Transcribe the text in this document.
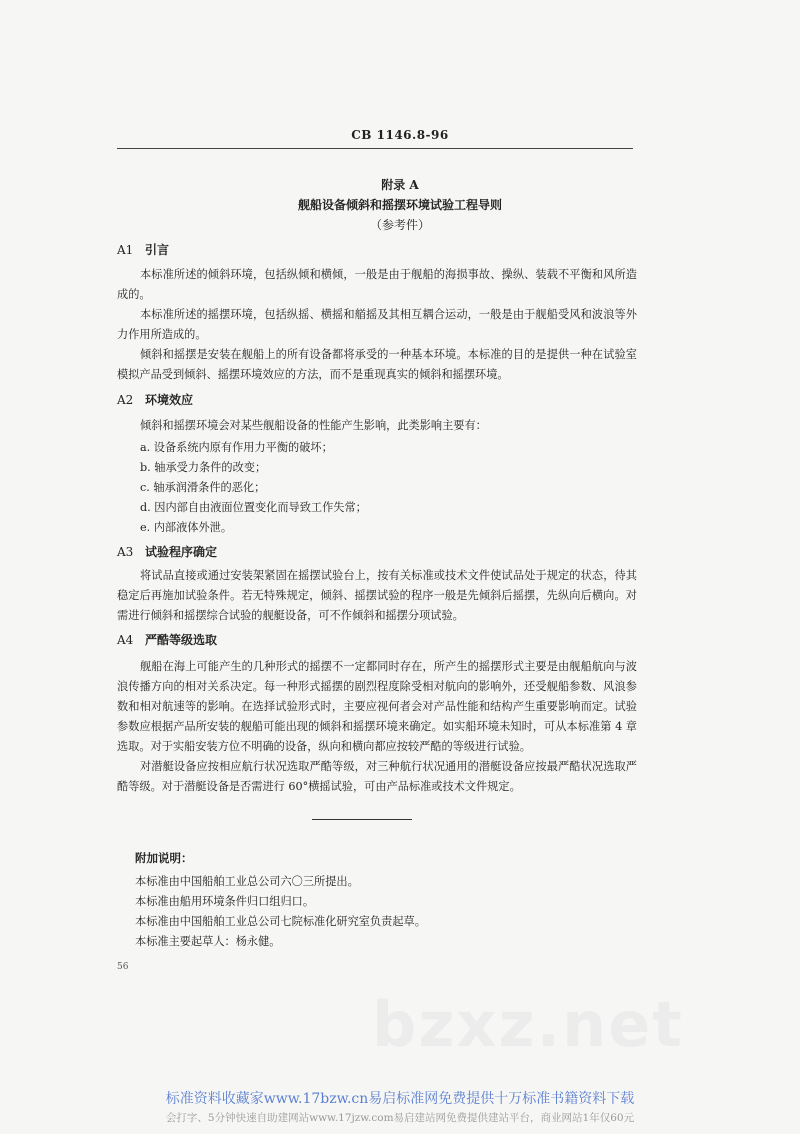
CB 1146.8-96
附录 A
舰船设备倾斜和摇摆环境试验工程导则
（参考件）
A1 引言
本标准所述的倾斜环境，包括纵倾和横倾，一般是由于舰船的海损事故、操纵、装载不平衡和风所造成的。
本标准所述的摇摆环境，包括纵摇、横摇和艏摇及其相互耦合运动，一般是由于舰船受风和波浪等外力作用所造成的。
倾斜和摇摆是安装在舰船上的所有设备都将承受的一种基本环境。本标准的目的是提供一种在试验室模拟产品受到倾斜、摇摆环境效应的方法，而不是重现真实的倾斜和摇摆环境。
A2 环境效应
倾斜和摇摆环境会对某些舰船设备的性能产生影响，此类影响主要有：
a. 设备系统内原有作用力平衡的破坏；
b. 轴承受力条件的改变；
c. 轴承润滑条件的恶化；
d. 因内部自由液面位置变化而导致工作失常；
e. 内部液体外泄。
A3 试验程序确定
将试品直接或通过安装架紧固在摇摆试验台上，按有关标准或技术文件使试品处于规定的状态，待其稳定后再施加试验条件。若无特殊规定，倾斜、摇摆试验的程序一般是先倾斜后摇摆，先纵向后横向。对需进行倾斜和摇摆综合试验的舰艇设备，可不作倾斜和摇摆分项试验。
A4 严酷等级选取
舰船在海上可能产生的几种形式的摇摆不一定都同时存在，所产生的摇摆形式主要是由舰船航向与波浪传播方向的相对关系决定。每一种形式摇摆的剧烈程度除受相对航向的影响外，还受舰船参数、风浪参数和相对航速等的影响。在选择试验形式时，主要应视何者会对产品性能和结构产生重要影响而定。试验参数应根据产品所安装的舰船可能出现的倾斜和摇摆环境来确定。如实船环境未知时，可从本标准第 4 章选取。对于实船安装方位不明确的设备，纵向和横向都应按较严酷的等级进行试验。
对潜艇设备应按相应航行状况选取严酷等级，对三种航行状况通用的潜艇设备应按最严酷状况选取严酷等级。对于潜艇设备是否需进行 60°横摇试验，可由产品标准或技术文件规定。
附加说明：
本标准由中国船舶工业总公司六〇三所提出。
本标准由船用环境条件归口组归口。
本标准由中国船舶工业总公司七院标准化研究室负责起草。
本标准主要起草人：杨永健。
56
bzxz.net
标准资料收藏家www.17bzw.cn易启标准网免费提供十万标准书籍资料下载
会打字、5分钟快速自助建网站www.17jzw.com易启建站网免费提供建站平台，商业网站1年仅60元
